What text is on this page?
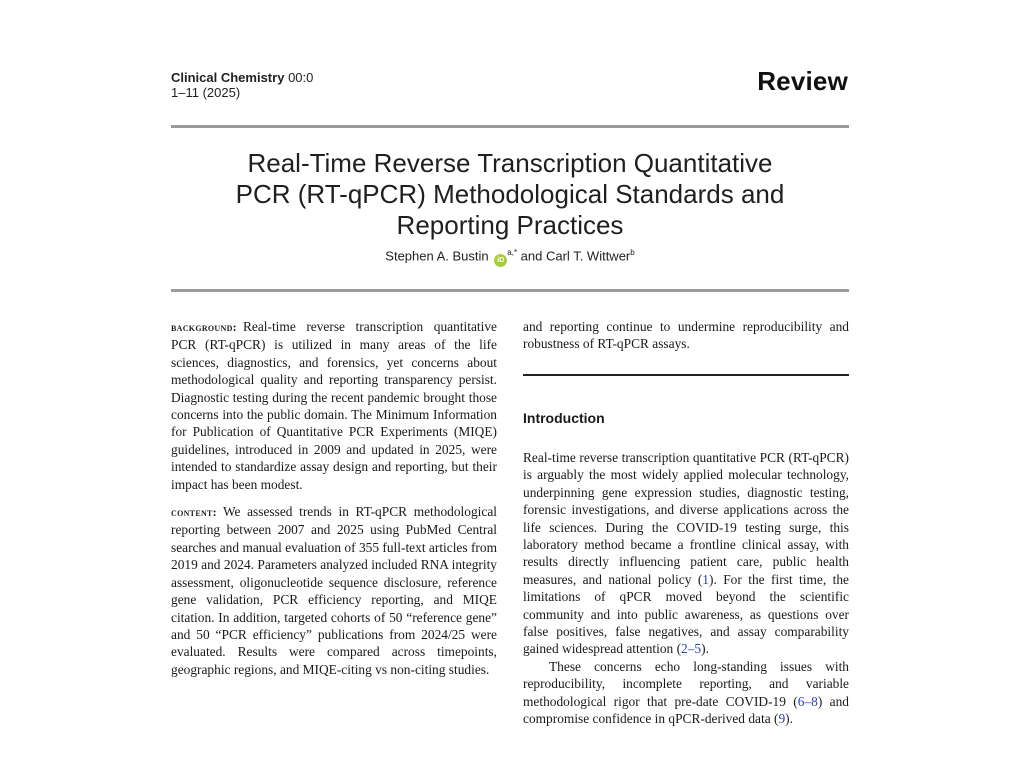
Clinical Chemistry 00:0
1–11 (2025)	Review
Real-Time Reverse Transcription Quantitative
PCR (RT-qPCR) Methodological Standards and
Reporting Practices
Stephen A. Bustin $iD^{a,*}$ and Carl T. Wittwer$^b$

background: Real-time reverse transcription quantitative PCR (RT-qPCR) is utilized in many areas of the life sciences, diagnostics, and forensics, yet concerns about methodological quality and reporting transparency persist. Diagnostic testing during the recent pandemic brought those concerns into the public domain. The Minimum Information for Publication of Quantitative PCR Experiments (MIQE) guidelines, introduced in 2009 and updated in 2025, were intended to standardize assay design and reporting, but their impact has been modest.

content: We assessed trends in RT-qPCR methodological reporting between 2007 and 2025 using PubMed Central searches and manual evaluation of 355 full-text articles from 2019 and 2024. Parameters analyzed included RNA integrity assessment, oligonucleotide sequence disclosure, reference gene validation, PCR efficiency reporting, and MIQE citation. In addition, targeted cohorts of 50 “reference gene” and 50 “PCR efficiency” publications from 2024/25 were evaluated. Results were compared across timepoints, geographic regions, and MIQE-citing vs non-citing studies.

and reporting continue to undermine reproducibility and robustness of RT-qPCR assays.

Introduction

Real-time reverse transcription quantitative PCR (RT-qPCR) is arguably the most widely applied molecular technology, underpinning gene expression studies, diagnostic testing, forensic investigations, and diverse applications across the life sciences. During the COVID-19 testing surge, this laboratory method became a frontline clinical assay, with results directly influencing patient care, public health measures, and national policy (1). For the first time, the limitations of qPCR moved beyond the scientific community and into public awareness, as questions over false positives, false negatives, and assay comparability gained widespread attention (2–5).

These concerns echo long-standing issues with reproducibility, incomplete reporting, and variable methodological rigor that pre-date COVID-19 (6–8) and compromise confidence in qPCR-derived data (9).
